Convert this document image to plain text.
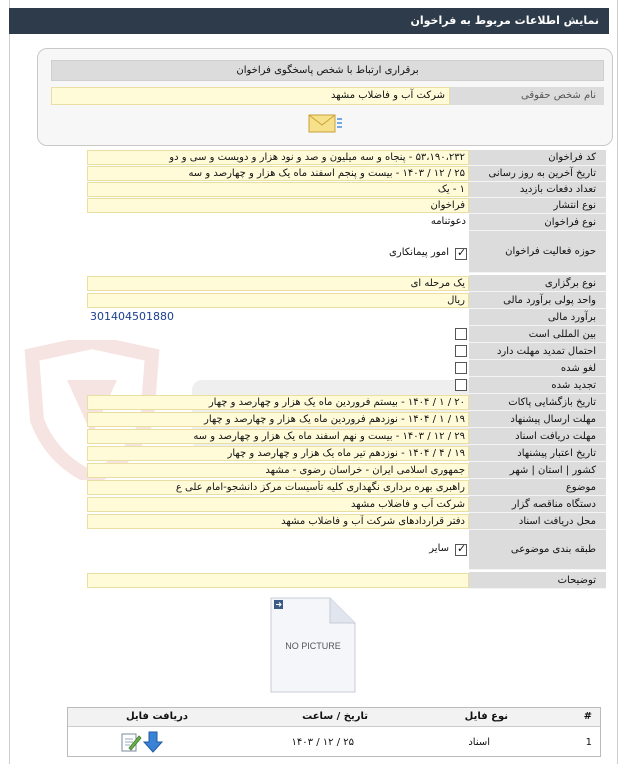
نمایش اطلاعات مربوط به فراخوان
برقراری ارتباط با شخص پاسخگوی فراخوان
نام شخص حقوقی
شرکت آب و فاضلاب مشهد
کد فراخوان
۵۳،۱۹۰،۲۳۲ - پنجاه و سه میلیون و صد و نود هزار و دویست و سی و دو
تاریخ آخرین به روز رسانی
۲۵ / ۱۲ / ۱۴۰۳ - بیست و پنجم اسفند ماه یک هزار و چهارصد و سه
تعداد دفعات بازدید
۱ - یک
نوع انتشار
فراخوان
نوع فراخوان
دعوتنامه
حوزه فعالیت فراخوان
✓
امور پیمانکاری
نوع برگزاری
یک مرحله ای
واحد پولی برآورد مالی
ریال
برآورد مالی
301404501880
بین المللی است
احتمال تمدید مهلت دارد
لغو شده
تجدید شده
تاریخ بازگشایی پاکات
۲۰ / ۱ / ۱۴۰۴ - بیستم فروردین ماه یک هزار و چهارصد و چهار
مهلت ارسال پیشنهاد
۱۹ / ۱ / ۱۴۰۴ - نوزدهم فروردین ماه یک هزار و چهارصد و چهار
مهلت دریافت اسناد
۲۹ / ۱۲ / ۱۴۰۳ - بیست و نهم اسفند ماه یک هزار و چهارصد و سه
تاریخ اعتبار پیشنهاد
۱۹ / ۴ / ۱۴۰۴ - نوزدهم تیر ماه یک هزار و چهارصد و چهار
کشور | استان | شهر
جمهوری اسلامی ایران - خراسان رضوی - مشهد
موضوع
راهبری بهره برداری نگهداری کلیه تأسیسات مرکز دانشجو-امام علی ع
دستگاه مناقصه گزار
شرکت آب و فاضلاب مشهد
محل دریافت اسناد
دفتر قراردادهای شرکت آب و فاضلاب مشهد
طبقه بندی موضوعی
✓
سایر
توضیحات
NO PICTURE
#
نوع فایل
تاریخ / ساعت
دریافت فایل
1
اسناد
۲۵ / ۱۲ / ۱۴۰۳
